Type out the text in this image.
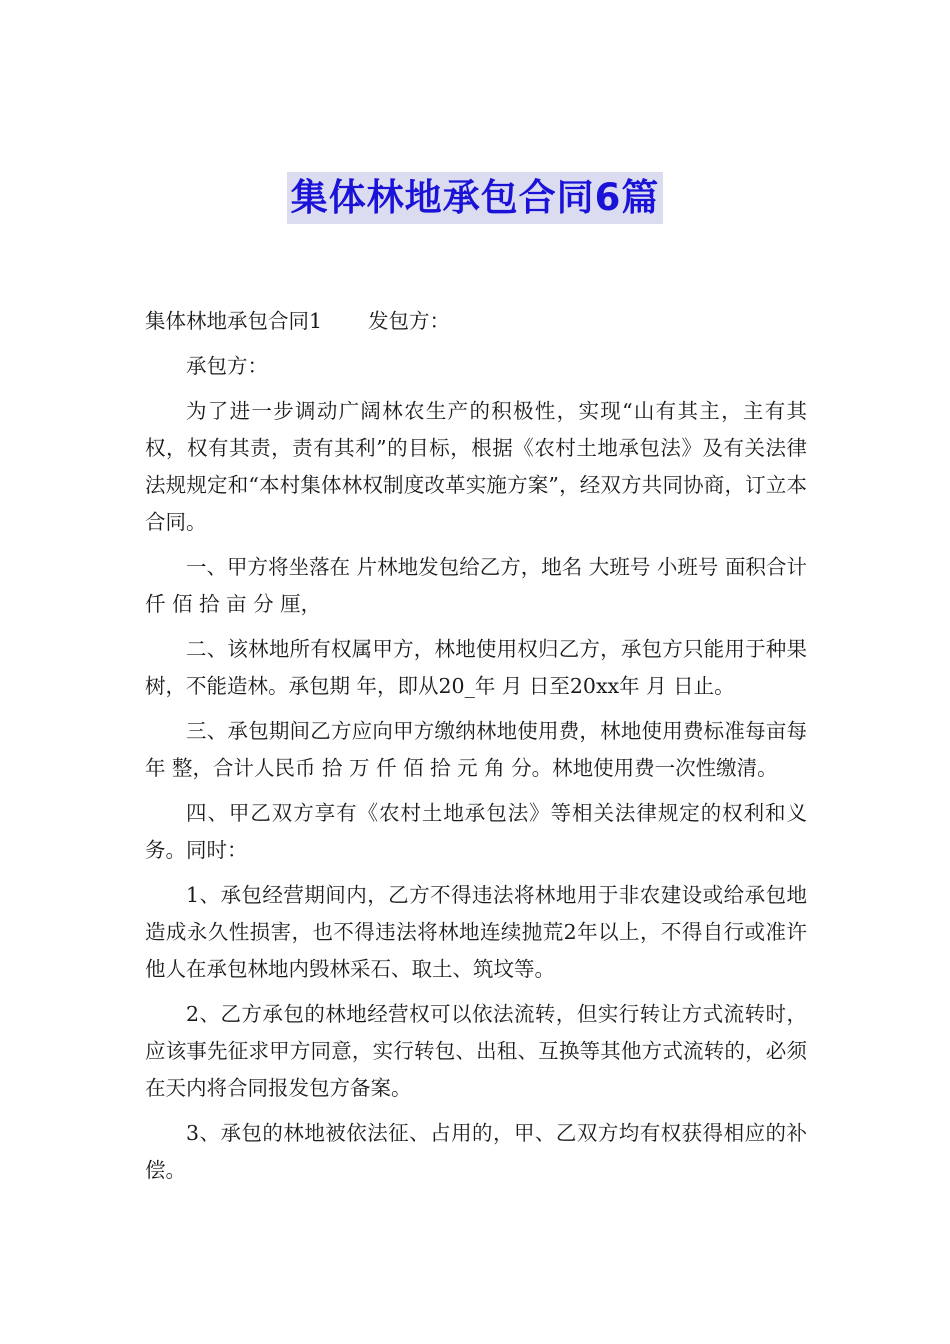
集体林地承包合同6篇

集体林地承包合同1 发包方：

承包方：

为了进一步调动广阔林农生产的积极性，实现“山有其主，主有其权，权有其责，责有其利”的目标，根据《农村土地承包法》及有关法律法规规定和“本村集体林权制度改革实施方案”，经双方共同协商，订立本合同。

一、甲方将坐落在 片林地发包给乙方，地名 大班号 小班号 面积合计 仟 佰 拾 亩 分 厘，

二、该林地所有权属甲方，林地使用权归乙方，承包方只能用于种果树，不能造林。承包期 年，即从20_年 月 日至20xx年 月 日止。

三、承包期间乙方应向甲方缴纳林地使用费，林地使用费标准每亩每年 整，合计人民币 拾 万 仟 佰 拾 元 角 分。林地使用费一次性缴清。

四、甲乙双方享有《农村土地承包法》等相关法律规定的权利和义务。同时：

1、承包经营期间内，乙方不得违法将林地用于非农建设或给承包地造成永久性损害，也不得违法将林地连续抛荒2年以上，不得自行或准许他人在承包林地内毁林采石、取土、筑坟等。

2、乙方承包的林地经营权可以依法流转，但实行转让方式流转时，应该事先征求甲方同意，实行转包、出租、互换等其他方式流转的，必须在天内将合同报发包方备案。

3、承包的林地被依法征、占用的，甲、乙双方均有权获得相应的补偿。
